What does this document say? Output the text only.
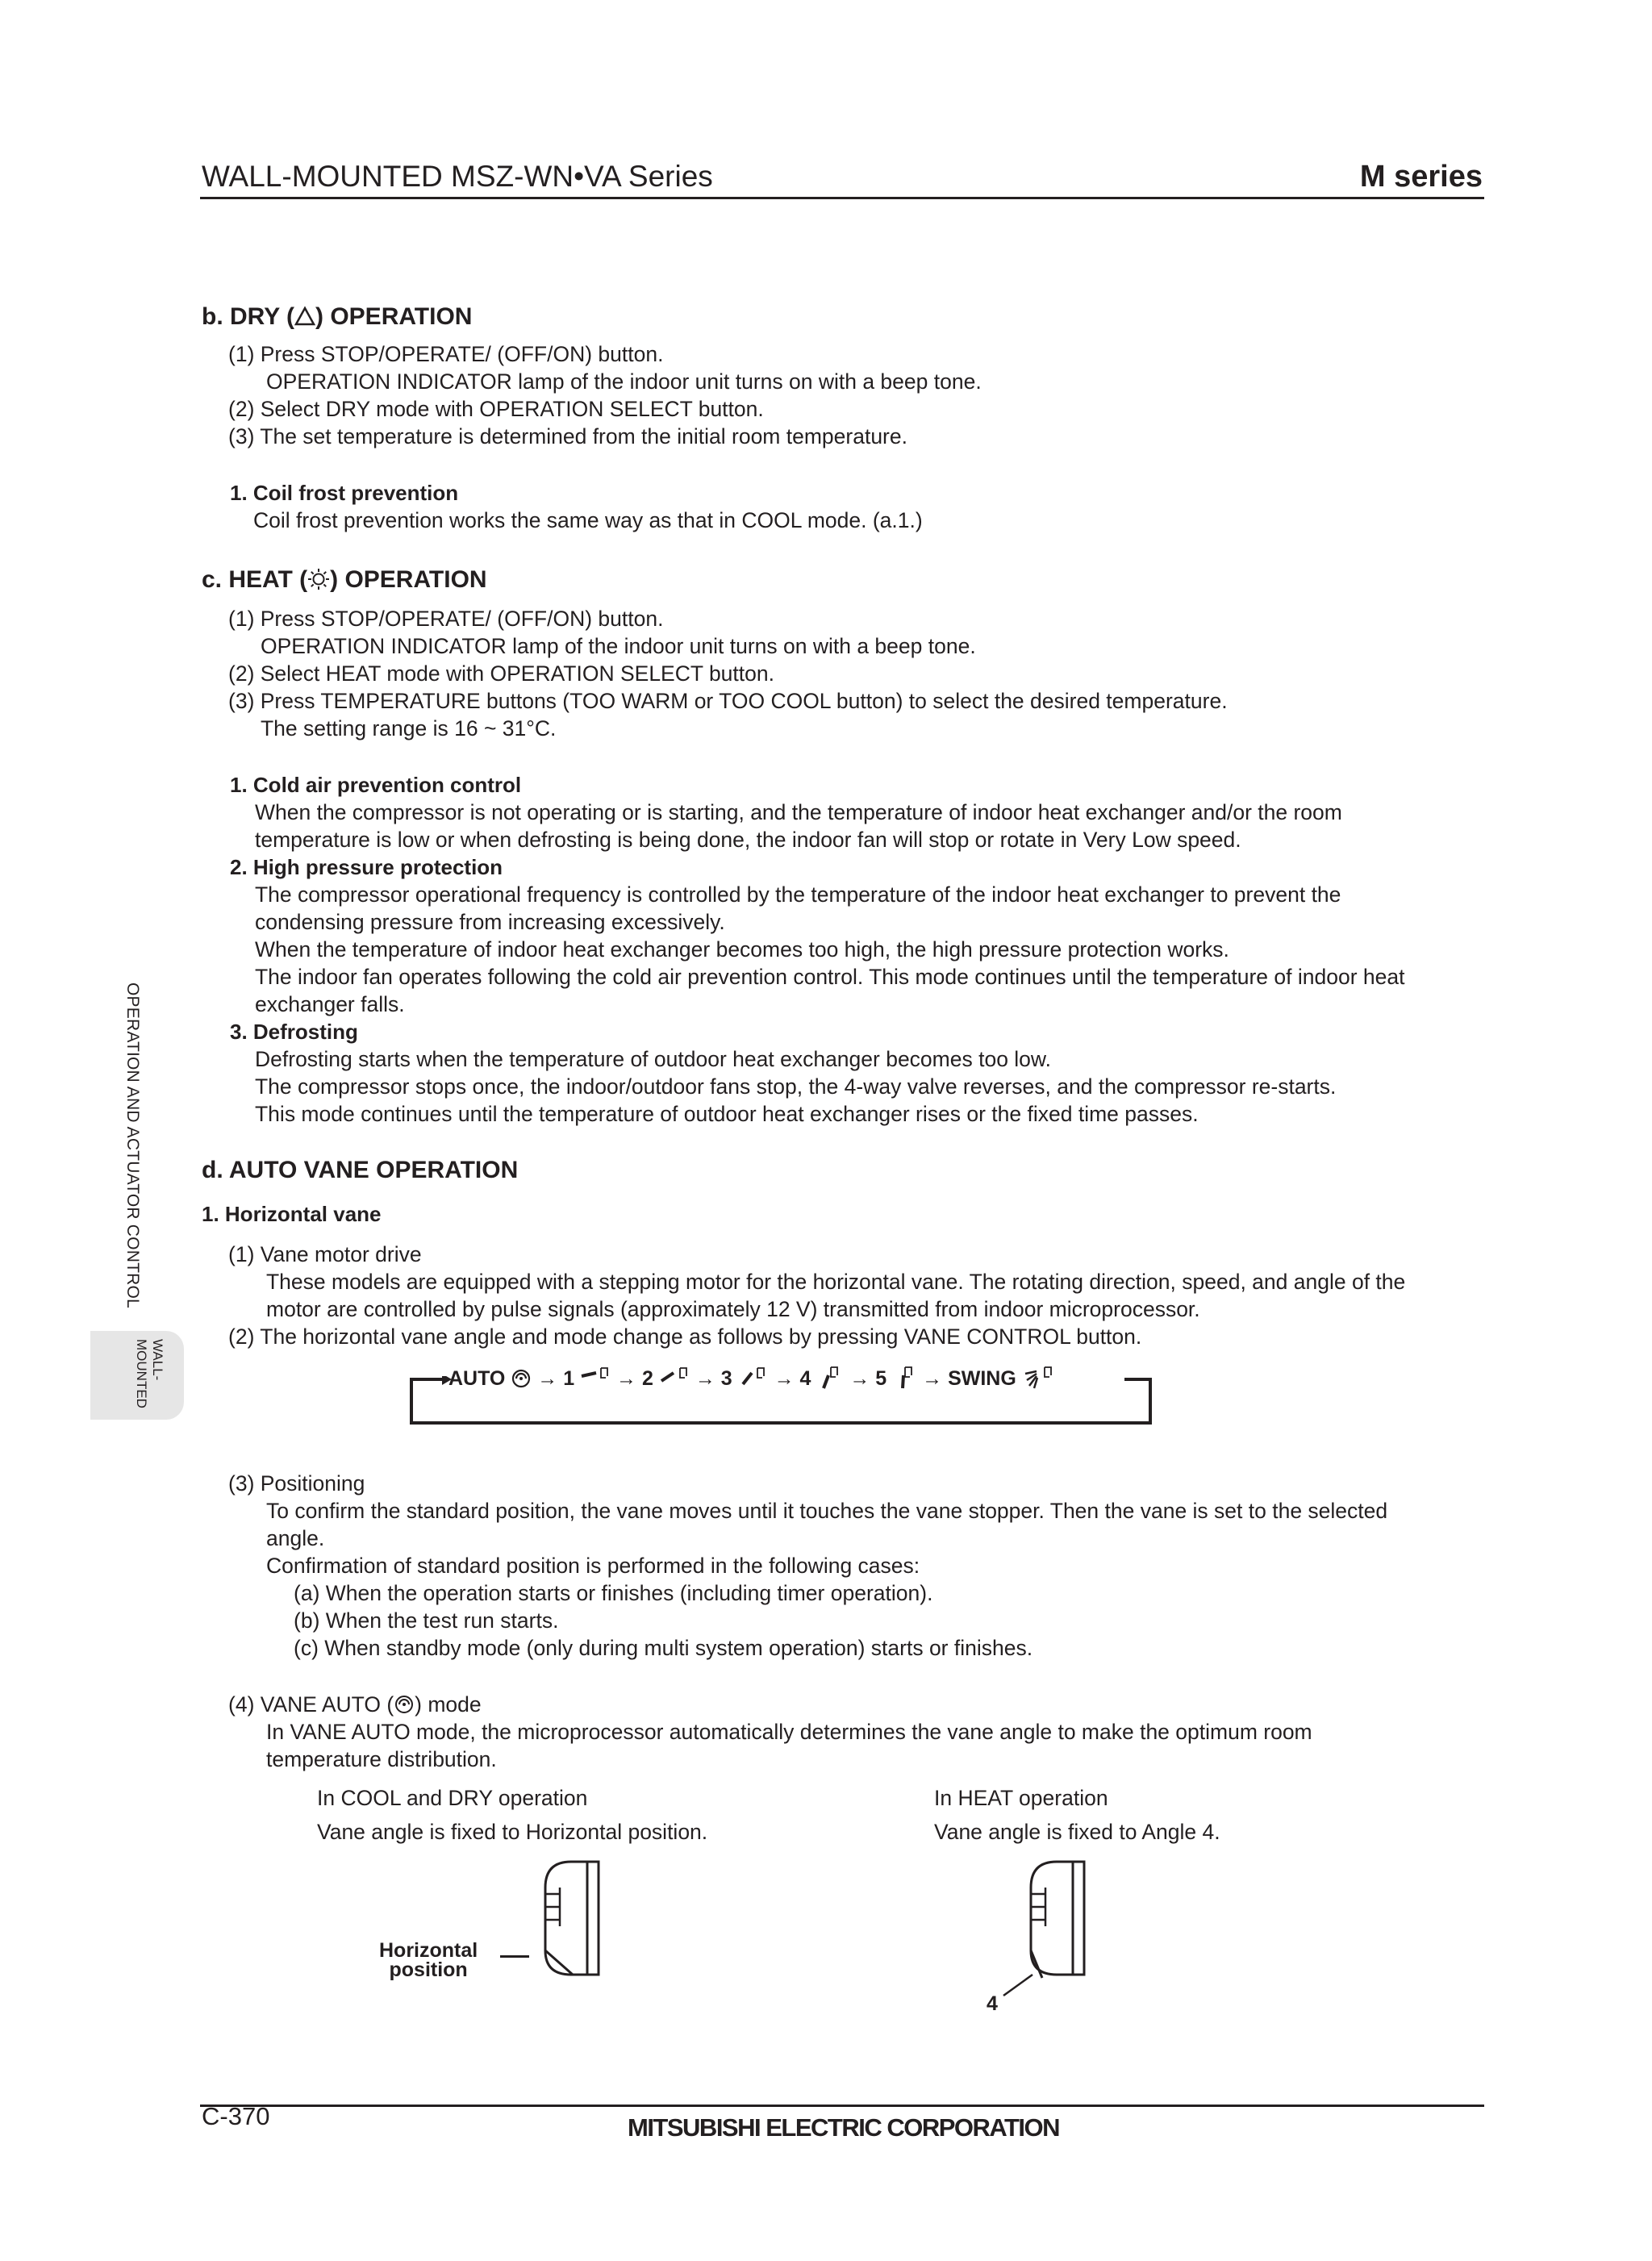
WALL-MOUNTED MSZ-WN•VA Series	M series
OPERATION AND ACTUATOR CONTROL
WALL-
MOUNTED
b. DRY ( ) OPERATION
(1) Press STOP/OPERATE/ (OFF/ON) button.
OPERATION INDICATOR lamp of the indoor unit turns on with a beep tone.
(2) Select DRY mode with OPERATION SELECT button.
(3) The set temperature is determined from the initial room temperature.
1. Coil frost prevention
Coil frost prevention works the same way as that in COOL mode. (a.1.)
c. HEAT ( ) OPERATION
(1) Press STOP/OPERATE/ (OFF/ON) button.
OPERATION INDICATOR lamp of the indoor unit turns on with a beep tone.
(2) Select HEAT mode with OPERATION SELECT button.
(3) Press TEMPERATURE buttons (TOO WARM or TOO COOL button) to select the desired temperature.
The setting range is 16 ~ 31°C.
1. Cold air prevention control
When the compressor is not operating or is starting, and the temperature of indoor heat exchanger and/or the room
temperature is low or when defrosting is being done, the indoor fan will stop or rotate in Very Low speed.
2. High pressure protection
The compressor operational frequency is controlled by the temperature of the indoor heat exchanger to prevent the
condensing pressure from increasing excessively.
When the temperature of indoor heat exchanger becomes too high, the high pressure protection works.
The indoor fan operates following the cold air prevention control. This mode continues until the temperature of indoor heat
exchanger falls.
3. Defrosting
Defrosting starts when the temperature of outdoor heat exchanger becomes too low.
The compressor stops once, the indoor/outdoor fans stop, the 4-way valve reverses, and the compressor re-starts.
This mode continues until the temperature of outdoor heat exchanger rises or the fixed time passes.
d. AUTO VANE OPERATION
1. Horizontal vane
(1) Vane motor drive
These models are equipped with a stepping motor for the horizontal vane. The rotating direction, speed, and angle of the
motor are controlled by pulse signals (approximately 12 V) transmitted from indoor microprocessor.
(2) The horizontal vane angle and mode change as follows by pressing VANE CONTROL button.
AUTO → 1 → 2 → 3 → 4 → 5 → SWING
(3) Positioning
To confirm the standard position, the vane moves until it touches the vane stopper. Then the vane is set to the selected
angle.
Confirmation of standard position is performed in the following cases:
(a) When the operation starts or finishes (including timer operation).
(b) When the test run starts.
(c) When standby mode (only during multi system operation) starts or finishes.
(4) VANE AUTO ( ) mode
In VANE AUTO mode, the microprocessor automatically determines the vane angle to make the optimum room
temperature distribution.
In COOL and DRY operation
Vane angle is fixed to Horizontal position.
In HEAT operation
Vane angle is fixed to Angle 4.
Horizontal
position
4
C-370	MITSUBISHI ELECTRIC CORPORATION
